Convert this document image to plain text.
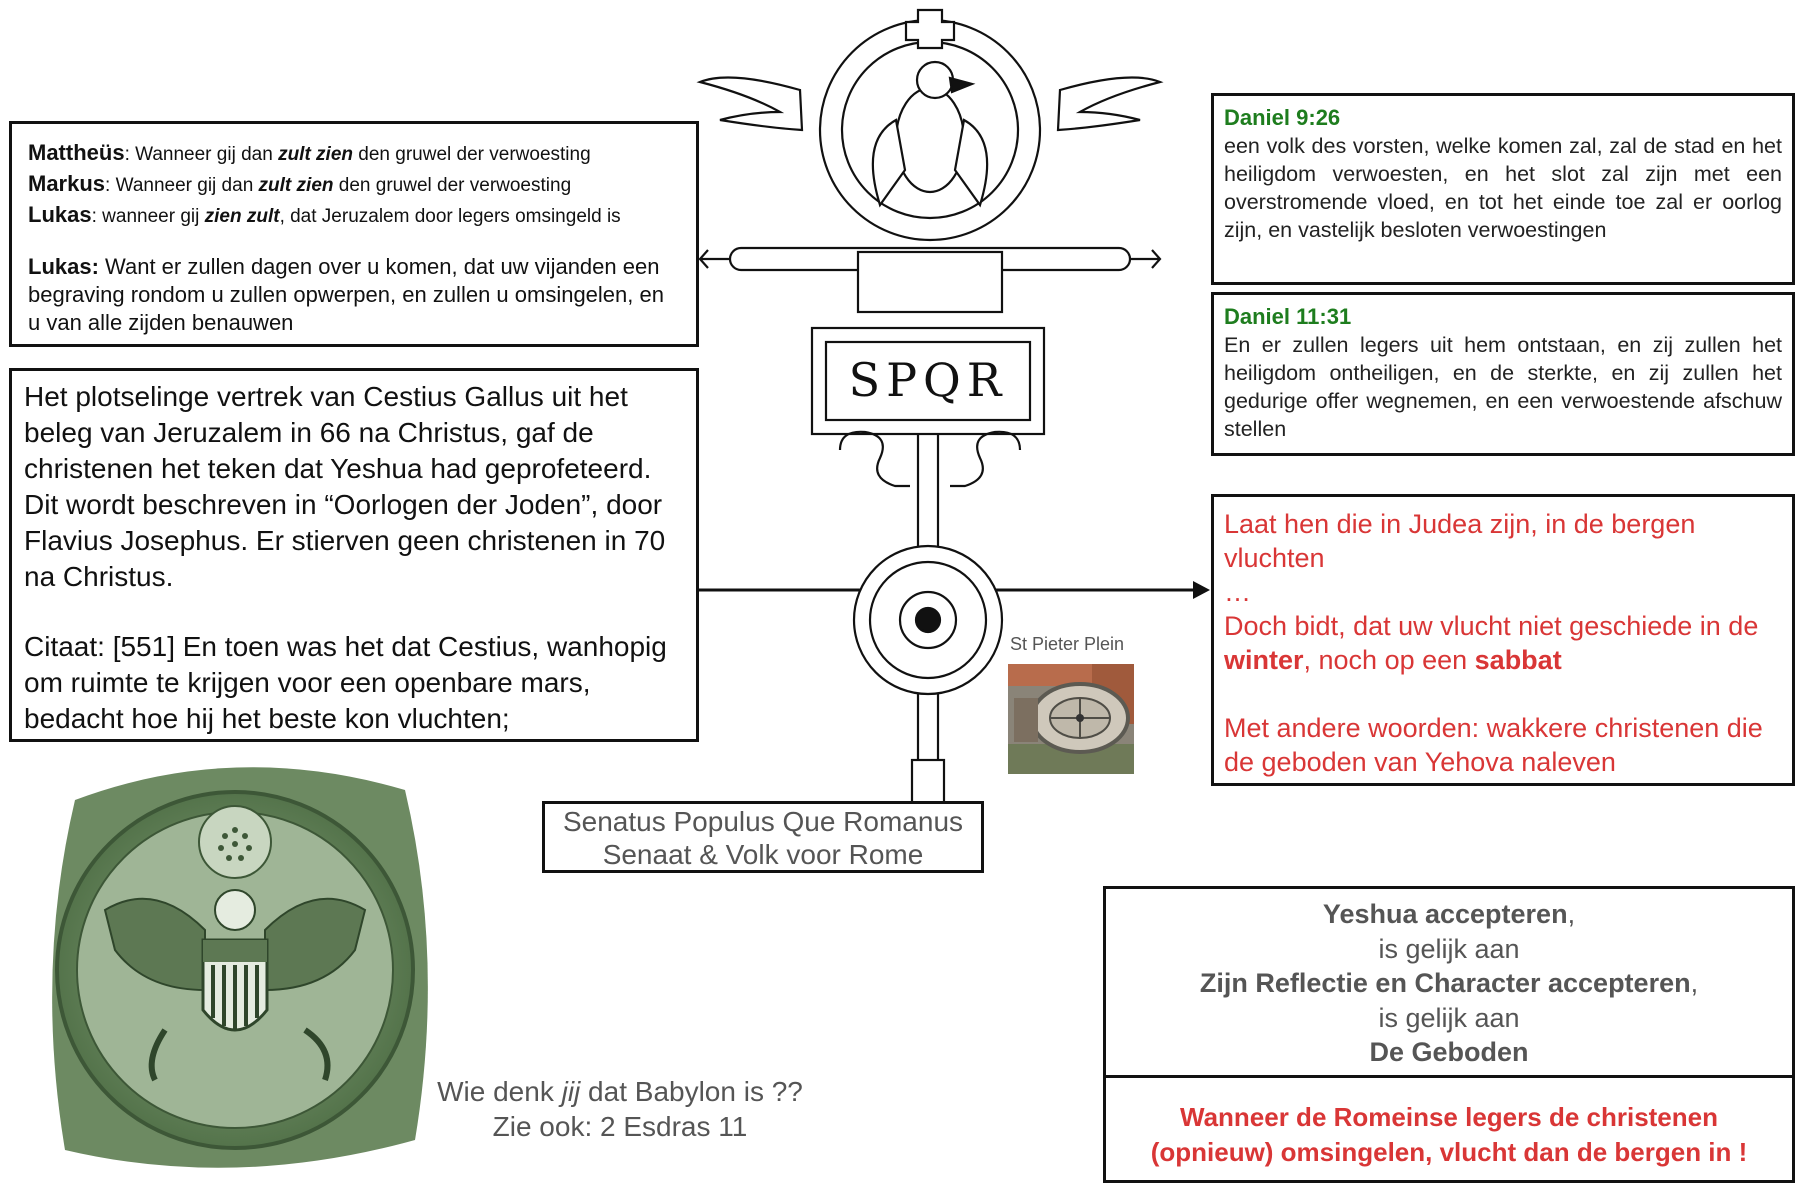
SPQR
Mattheüs: Wanneer gij dan zult zien den gruwel der verwoesting
Markus: Wanneer gij dan zult zien den gruwel der verwoesting
Lukas: wanneer gij zien zult, dat Jeruzalem door legers omsingeld is
Lukas: Want er zullen dagen over u komen, dat uw vijanden een begraving rondom u zullen opwerpen, en zullen u omsingelen, en u van alle zijden benauwen

Het plotselinge vertrek van Cestius Gallus uit het beleg van Jeruzalem in 66 na Christus, gaf de christenen het teken dat Yeshua had geprofeteerd. Dit wordt beschreven in “Oorlogen der Joden”, door Flavius Josephus. Er stierven geen christenen in 70 na Christus.

Citaat: [551] En toen was het dat Cestius, wanhopig om ruimte te krijgen voor een openbare mars, bedacht hoe hij het beste kon vluchten;

Daniel 9:26
een volk des vorsten, welke komen zal, zal de stad en het heiligdom verwoesten, en het slot zal zijn met een overstromende vloed, en tot het einde toe zal er oorlog zijn, en vastelijk besloten verwoestingen
Daniel 11:31
En er zullen legers uit hem ontstaan, en zij zullen het heiligdom ontheiligen, en de sterkte, en zij zullen het gedurige offer wegnemen, en een verwoestende afschuw stellen

Laat hen die in Judea zijn, in de bergen vluchten

…

Doch bidt, dat uw vlucht niet geschiede in de winter, noch op een sabbat

Met andere woorden: wakkere christenen die de geboden van Yehova naleven

St Pieter Plein
Senatus Populus Que Romanus
Senaat & Volk voor Rome
Wie denk jij dat Babylon is ??
Zie ook: 2 Esdras 11
Yeshua accepteren,
is gelijk aan
Zijn Reflectie en Character accepteren,
is gelijk aan
De Geboden
Wanneer de Romeinse legers de christenen
(opnieuw) omsingelen, vlucht dan de bergen in !
